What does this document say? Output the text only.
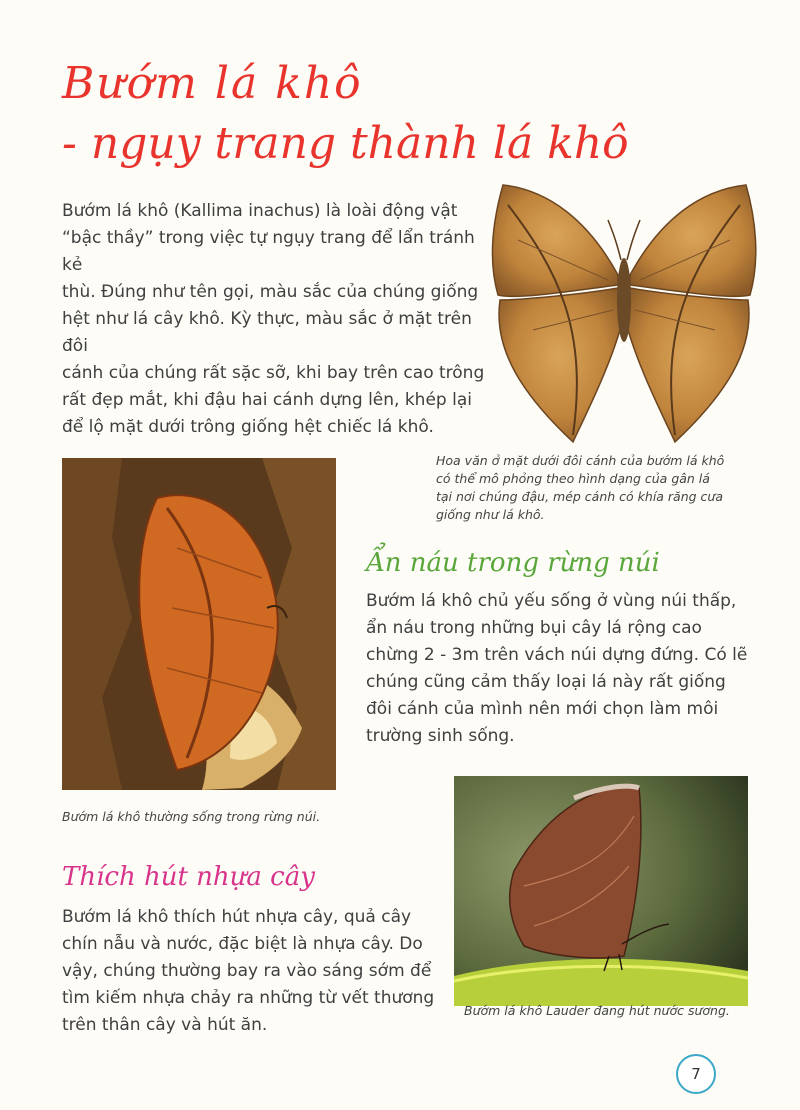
Bướm lá khô
- ngụy trang thành lá khô
Bướm lá khô (Kallima inachus) là loài động vật
“bậc thầy” trong việc tự ngụy trang để lẩn tránh kẻ
thù. Đúng như tên gọi, màu sắc của chúng giống
hệt như lá cây khô. Kỳ thực, màu sắc ở mặt trên đôi
cánh của chúng rất sặc sỡ, khi bay trên cao trông
rất đẹp mắt, khi đậu hai cánh dựng lên, khép lại
để lộ mặt dưới trông giống hệt chiếc lá khô.
Hoa văn ở mặt dưới đôi cánh của bướm lá khô
có thể mô phỏng theo hình dạng của gân lá
tại nơi chúng đậu, mép cánh có khía răng cưa
giống như lá khô.
Bướm lá khô thường sống trong rừng núi.
Ẩn náu trong rừng núi
Bướm lá khô chủ yếu sống ở vùng núi thấp,
ẩn náu trong những bụi cây lá rộng cao
chừng 2 - 3m trên vách núi dựng đứng. Có lẽ
chúng cũng cảm thấy loại lá này rất giống
đôi cánh của mình nên mới chọn làm môi
trường sinh sống.
Thích hút nhựa cây
Bướm lá khô thích hút nhựa cây, quả cây
chín nẫu và nước, đặc biệt là nhựa cây. Do
vậy, chúng thường bay ra vào sáng sớm để
tìm kiếm nhựa chảy ra những từ vết thương
trên thân cây và hút ăn.
Bướm lá khô Lauder đang hút nước sương.
7
